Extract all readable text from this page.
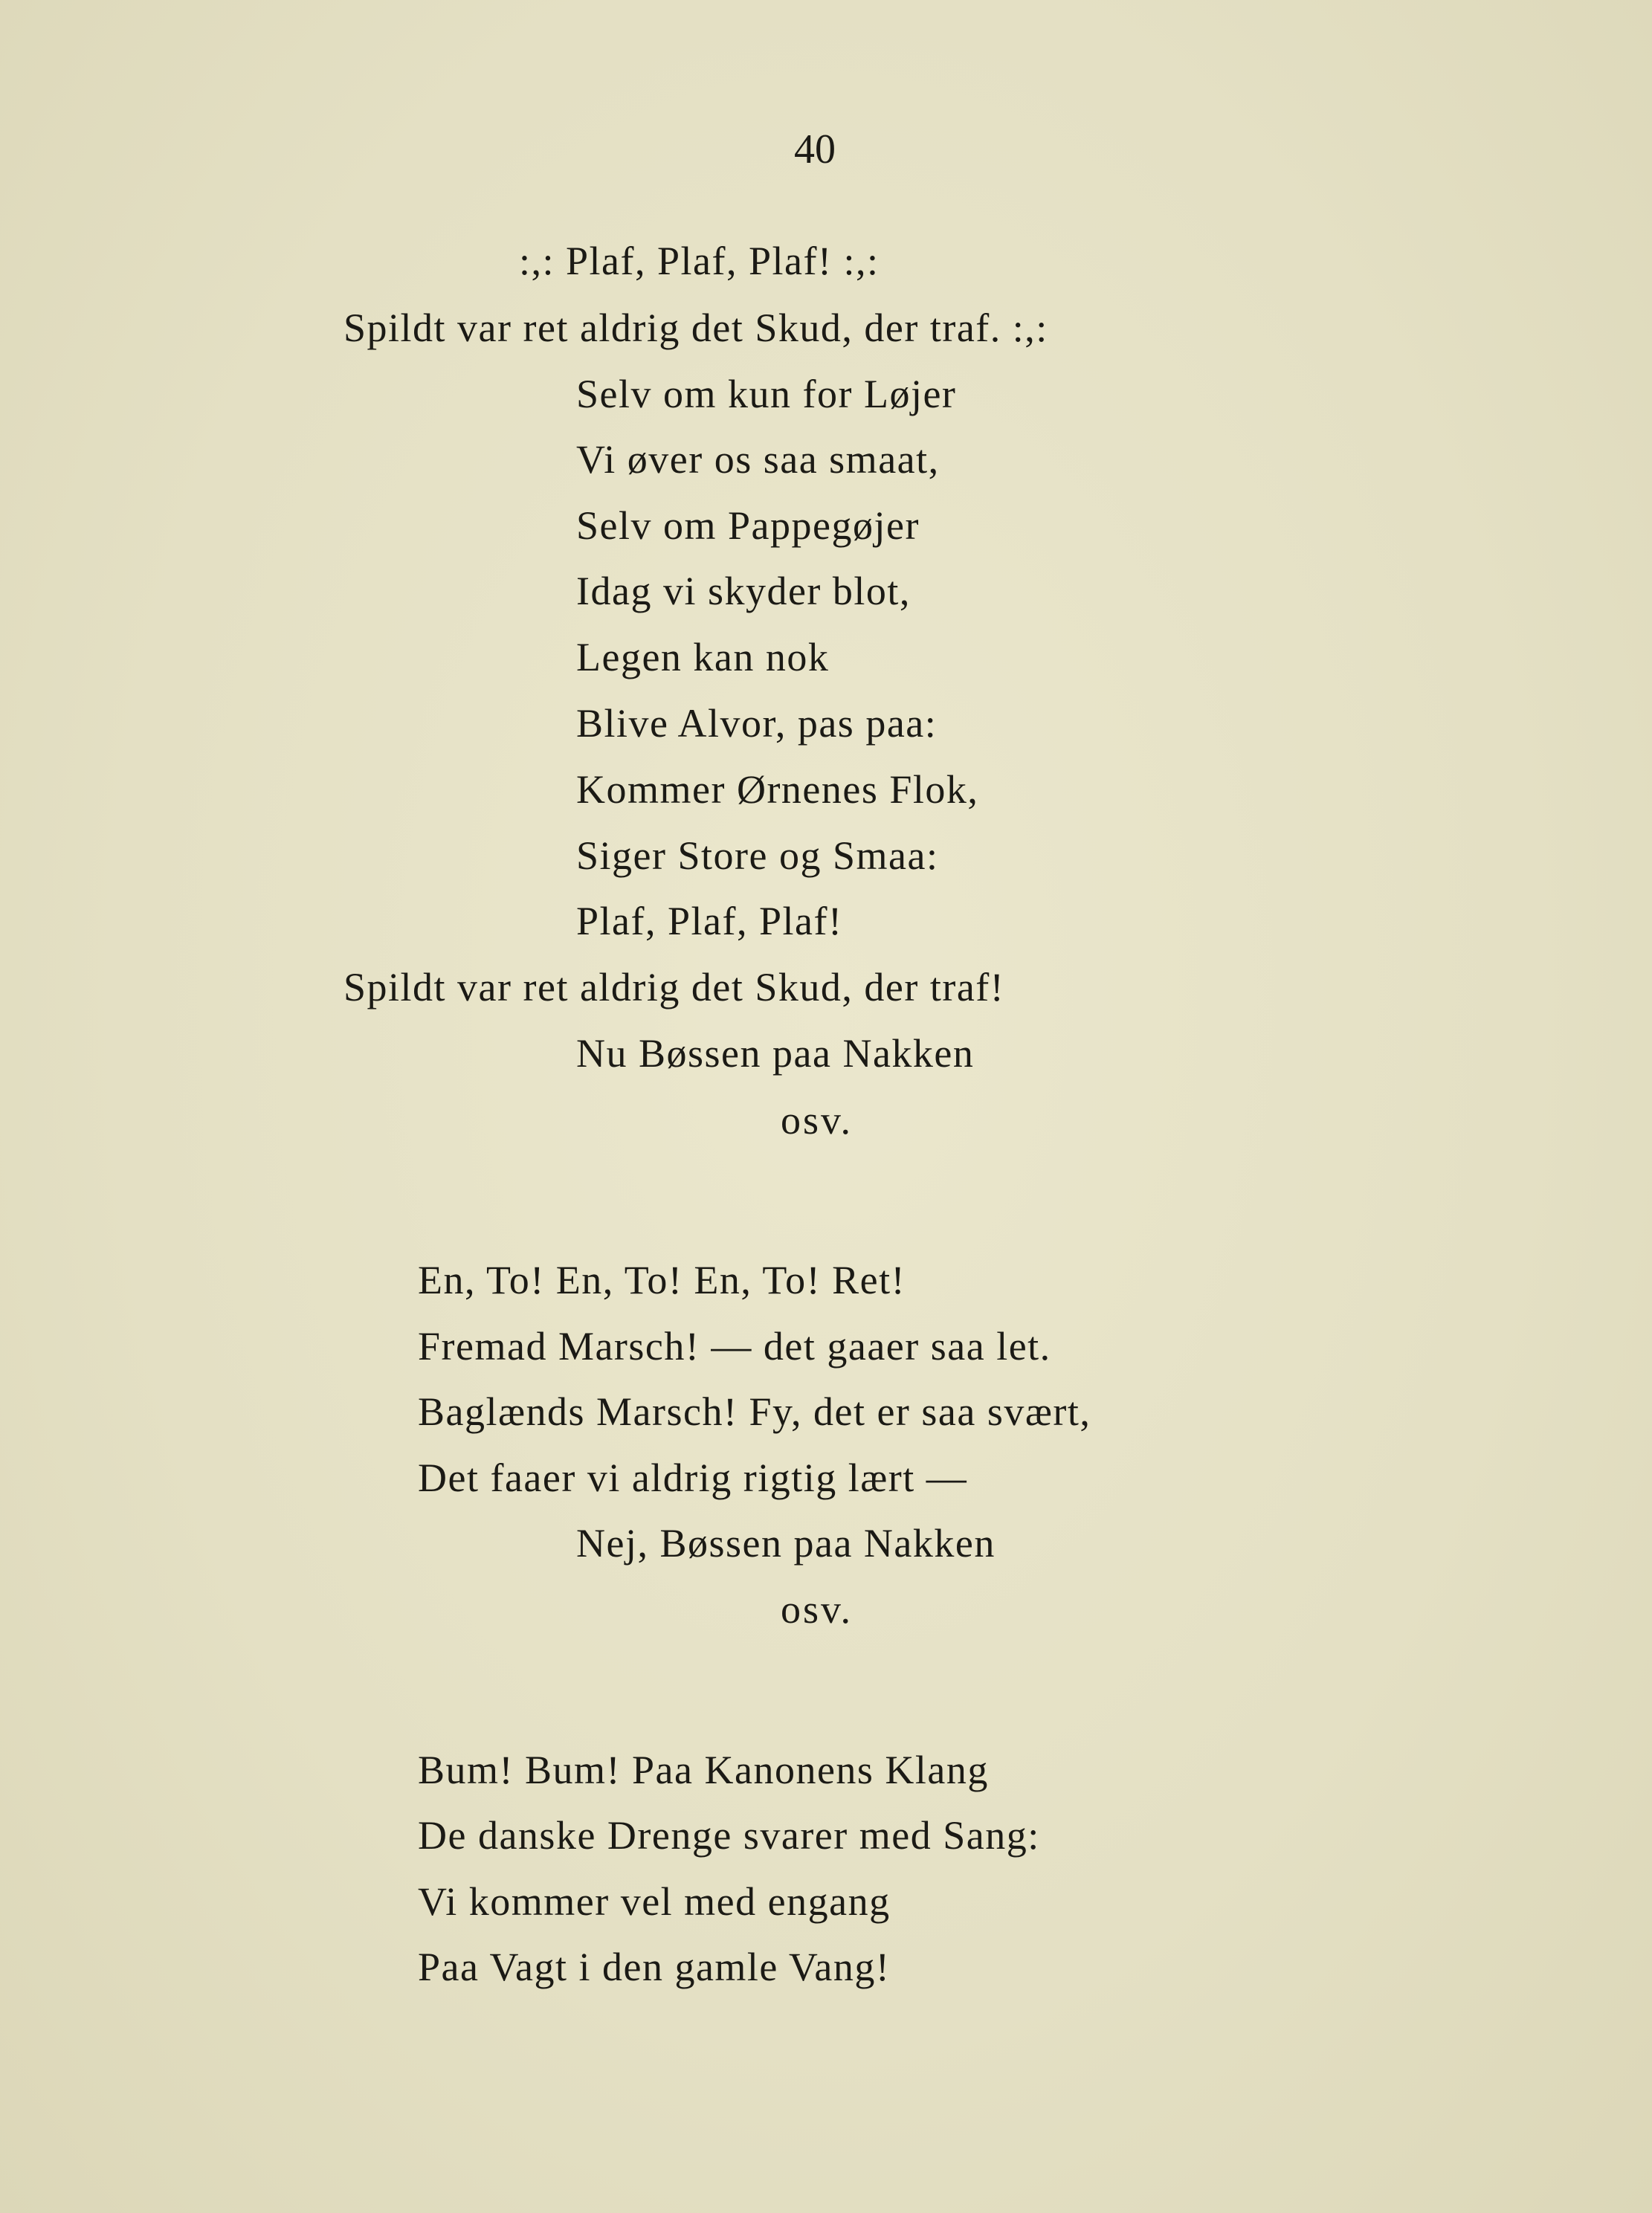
40
:,: Plaf, Plaf, Plaf! :,:
Spildt var ret aldrig det Skud, der traf. :,:
Selv om kun for Løjer
Vi øver os saa smaat,
Selv om Pappegøjer
Idag vi skyder blot,
Legen kan nok
Blive Alvor, pas paa:
Kommer Ørnenes Flok,
Siger Store og Smaa:
Plaf, Plaf, Plaf!
Spildt var ret aldrig det Skud, der traf!
Nu Bøssen paa Nakken
osv.
En, To! En, To! En, To! Ret!
Fremad Marsch! — det gaaer saa let.
Baglænds Marsch! Fy, det er saa svært,
Det faaer vi aldrig rigtig lært —
Nej, Bøssen paa Nakken
osv.
Bum! Bum! Paa Kanonens Klang
De danske Drenge svarer med Sang:
Vi kommer vel med engang
Paa Vagt i den gamle Vang!
